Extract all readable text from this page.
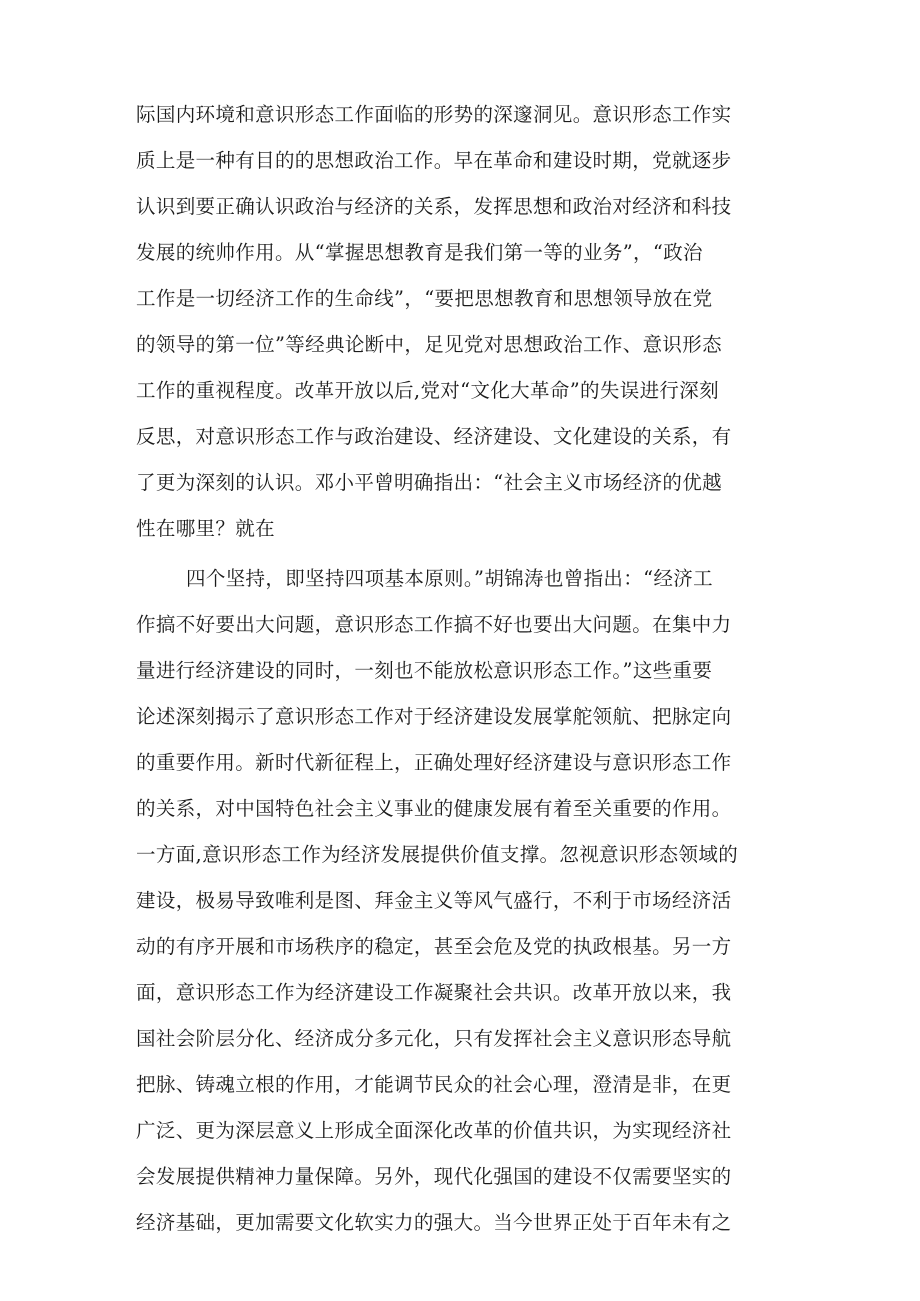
际国内环境和意识形态工作面临的形势的深邃洞见。意识形态工作实
质上是一种有目的的思想政治工作。早在革命和建设时期，党就逐步
认识到要正确认识政治与经济的关系，发挥思想和政治对经济和科技
发展的统帅作用。从“掌握思想教育是我们第一等的业务”，“政治
工作是一切经济工作的生命线”，“要把思想教育和思想领导放在党
的领导的第一位”等经典论断中，足见党对思想政治工作、意识形态
工作的重视程度。改革开放以后,党对“文化大革命”的失误进行深刻
反思，对意识形态工作与政治建设、经济建设、文化建设的关系，有
了更为深刻的认识。邓小平曾明确指出：“社会主义市场经济的优越
性在哪里？就在
四个坚持，即坚持四项基本原则。”胡锦涛也曾指出：“经济工
作搞不好要出大问题，意识形态工作搞不好也要出大问题。在集中力
量进行经济建设的同时，一刻也不能放松意识形态工作。”这些重要
论述深刻揭示了意识形态工作对于经济建设发展掌舵领航、把脉定向
的重要作用。新时代新征程上，正确处理好经济建设与意识形态工作
的关系，对中国特色社会主义事业的健康发展有着至关重要的作用。
一方面,意识形态工作为经济发展提供价值支撑。忽视意识形态领域的
建设，极易导致唯利是图、拜金主义等风气盛行，不利于市场经济活
动的有序开展和市场秩序的稳定，甚至会危及党的执政根基。另一方
面，意识形态工作为经济建设工作凝聚社会共识。改革开放以来，我
国社会阶层分化、经济成分多元化，只有发挥社会主义意识形态导航
把脉、铸魂立根的作用，才能调节民众的社会心理，澄清是非，在更
广泛、更为深层意义上形成全面深化改革的价值共识，为实现经济社
会发展提供精神力量保障。另外，现代化强国的建设不仅需要坚实的
经济基础，更加需要文化软实力的强大。当今世界正处于百年未有之
